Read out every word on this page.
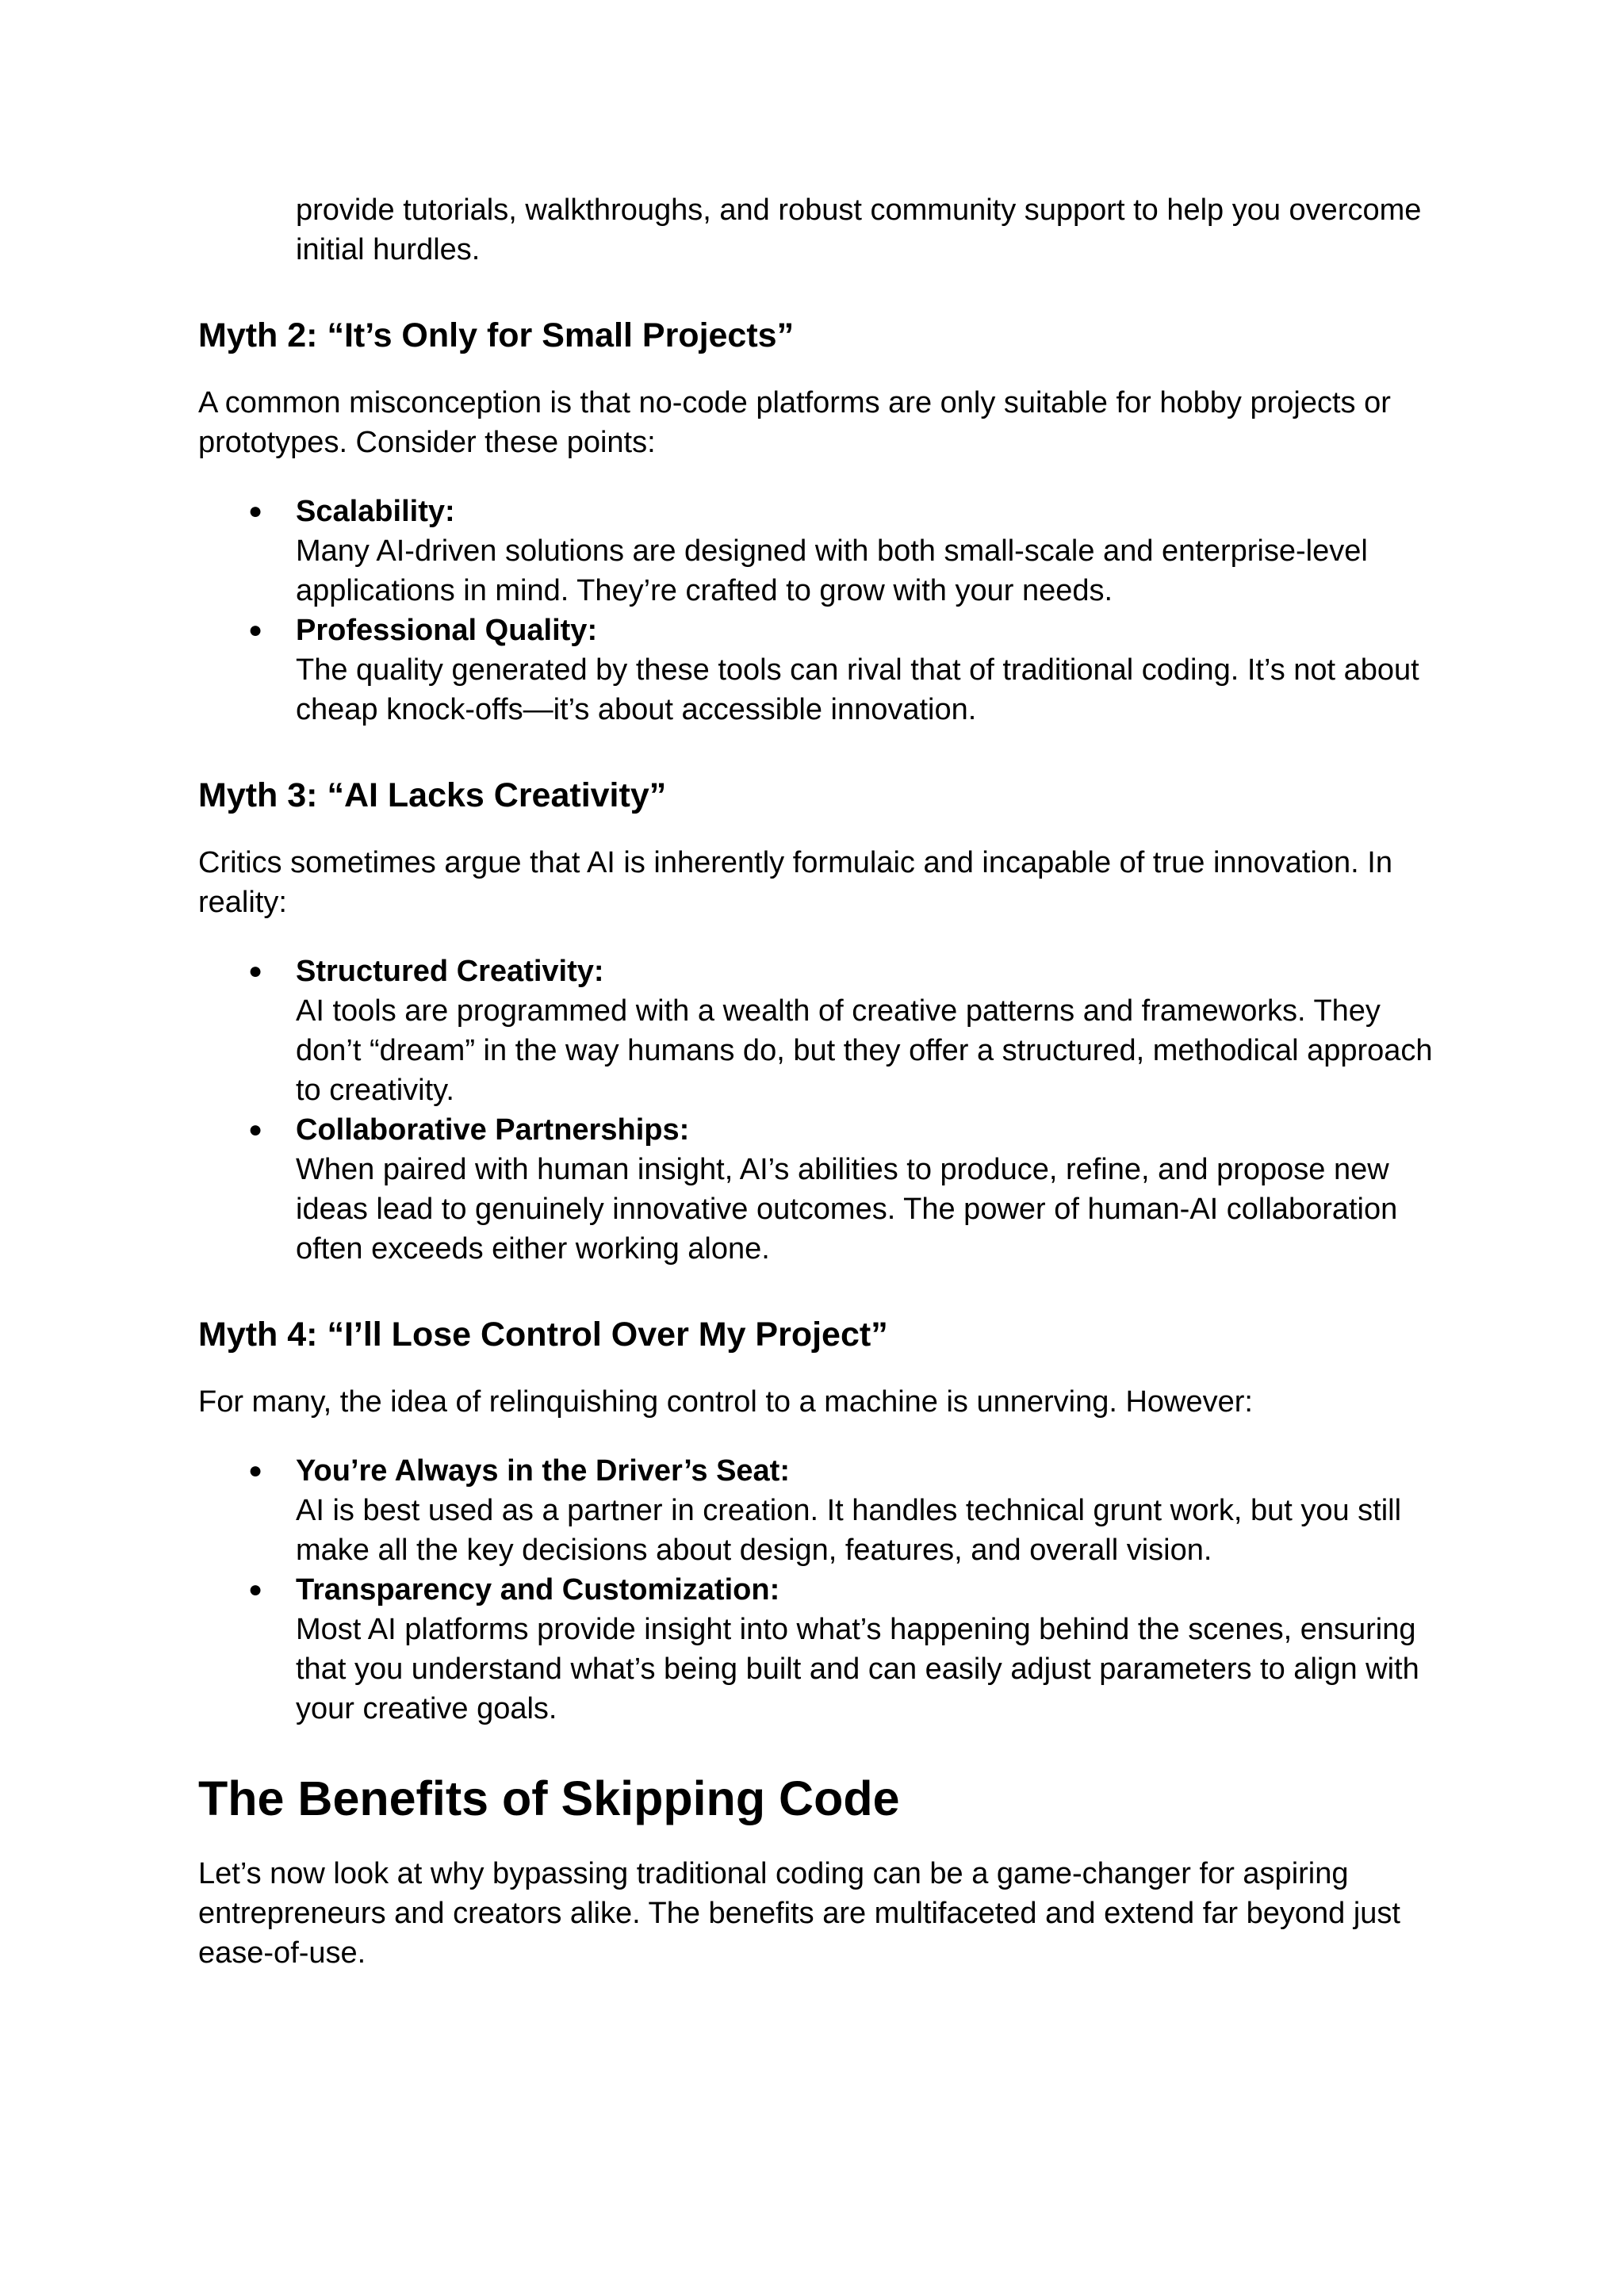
provide tutorials, walkthroughs, and robust community support to help you overcome initial hurdles.

Myth 2: “It’s Only for Small Projects”

A common misconception is that no-code platforms are only suitable for hobby projects or prototypes. Consider these points:

● Scalability:
Many AI-driven solutions are designed with both small-scale and enterprise-level applications in mind. They’re crafted to grow with your needs.
● Professional Quality:
The quality generated by these tools can rival that of traditional coding. It’s not about cheap knock-offs—it’s about accessible innovation.
Myth 3: “AI Lacks Creativity”

Critics sometimes argue that AI is inherently formulaic and incapable of true innovation. In reality:

● Structured Creativity:
AI tools are programmed with a wealth of creative patterns and frameworks. They don’t “dream” in the way humans do, but they offer a structured, methodical approach to creativity.
● Collaborative Partnerships:
When paired with human insight, AI’s abilities to produce, refine, and propose new ideas lead to genuinely innovative outcomes. The power of human-AI collaboration often exceeds either working alone.
Myth 4: “I’ll Lose Control Over My Project”

For many, the idea of relinquishing control to a machine is unnerving. However:

● You’re Always in the Driver’s Seat:
AI is best used as a partner in creation. It handles technical grunt work, but you still make all the key decisions about design, features, and overall vision.
● Transparency and Customization:
Most AI platforms provide insight into what’s happening behind the scenes, ensuring that you understand what’s being built and can easily adjust parameters to align with your creative goals.
The Benefits of Skipping Code

Let’s now look at why bypassing traditional coding can be a game-changer for aspiring entrepreneurs and creators alike. The benefits are multifaceted and extend far beyond just ease-of-use.
